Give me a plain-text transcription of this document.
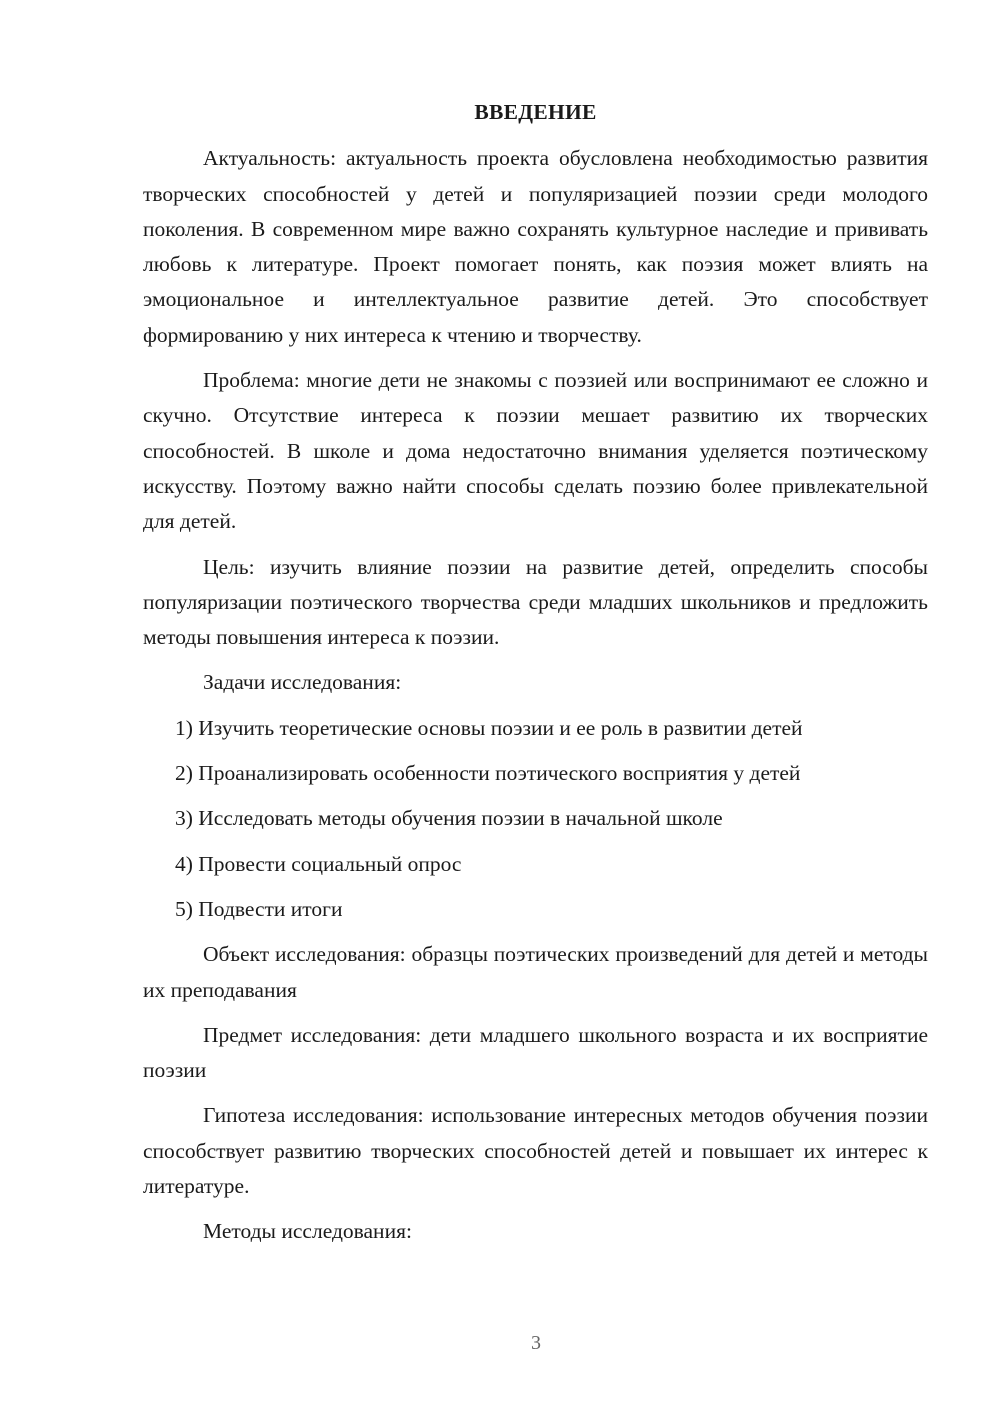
ВВЕДЕНИЕ

Актуальность: актуальность проекта обусловлена необходимостью развития творческих способностей у детей и популяризацией поэзии среди молодого поколения. В современном мире важно сохранять культурное наследие и прививать любовь к литературе. Проект помогает понять, как поэзия может влиять на эмоциональное и интеллектуальное развитие детей. Это способствует формированию у них интереса к чтению и творчеству.

Проблема: многие дети не знакомы с поэзией или воспринимают ее сложно и скучно. Отсутствие интереса к поэзии мешает развитию их творческих способностей. В школе и дома недостаточно внимания уделяется поэтическому искусству. Поэтому важно найти способы сделать поэзию более привлекательной для детей.

Цель: изучить влияние поэзии на развитие детей, определить способы популяризации поэтического творчества среди младших школьников и предложить методы повышения интереса к поэзии.

Задачи исследования:

1) Изучить теоретические основы поэзии и ее роль в развитии детей
2) Проанализировать особенности поэтического восприятия у детей
3) Исследовать методы обучения поэзии в начальной школе
4) Провести социальный опрос
5) Подвести итоги

Объект исследования: образцы поэтических произведений для детей и методы их преподавания

Предмет исследования: дети младшего школьного возраста и их восприятие поэзии

Гипотеза исследования: использование интересных методов обучения поэзии способствует развитию творческих способностей детей и повышает их интерес к литературе.

Методы исследования:

3
